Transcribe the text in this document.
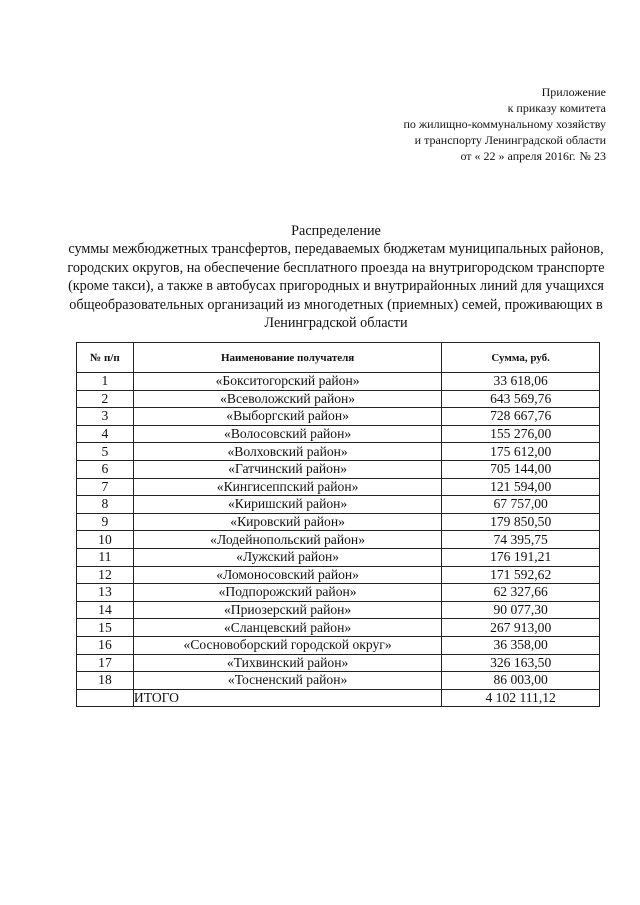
Приложение
к приказу комитета
по жилищно-коммунальному хозяйству
и транспорту Ленинградской области
от « 22 » апреля 2016г. № 23
Распределение
суммы межбюджетных трансфертов, передаваемых бюджетам муниципальных районов, городских округов, на обеспечение бесплатного проезда на внутригородском транспорте (кроме такси), а также в автобусах пригородных и внутрирайонных линий для учащихся общеобразовательных организаций из многодетных (приемных) семей, проживающих в Ленинградской области
№ п/п	Наименование получателя	Сумма, руб.
1	«Бокситогорский район»	33 618,06
2	«Всеволожский район»	643 569,76
3	«Выборгский район»	728 667,76
4	«Волосовский район»	155 276,00
5	«Волховский район»	175 612,00
6	«Гатчинский район»	705 144,00
7	«Кингисеппский район»	121 594,00
8	«Киришский район»	67 757,00
9	«Кировский район»	179 850,50
10	«Лодейнопольский район»	74 395,75
11	«Лужский район»	176 191,21
12	«Ломоносовский район»	171 592,62
13	«Подпорожский район»	62 327,66
14	«Приозерский район»	90 077,30
15	«Сланцевский район»	267 913,00
16	«Сосновоборский городской округ»	36 358,00
17	«Тихвинский район»	326 163,50
18	«Тосненский район»	86 003,00
	ИТОГО	4 102 111,12
